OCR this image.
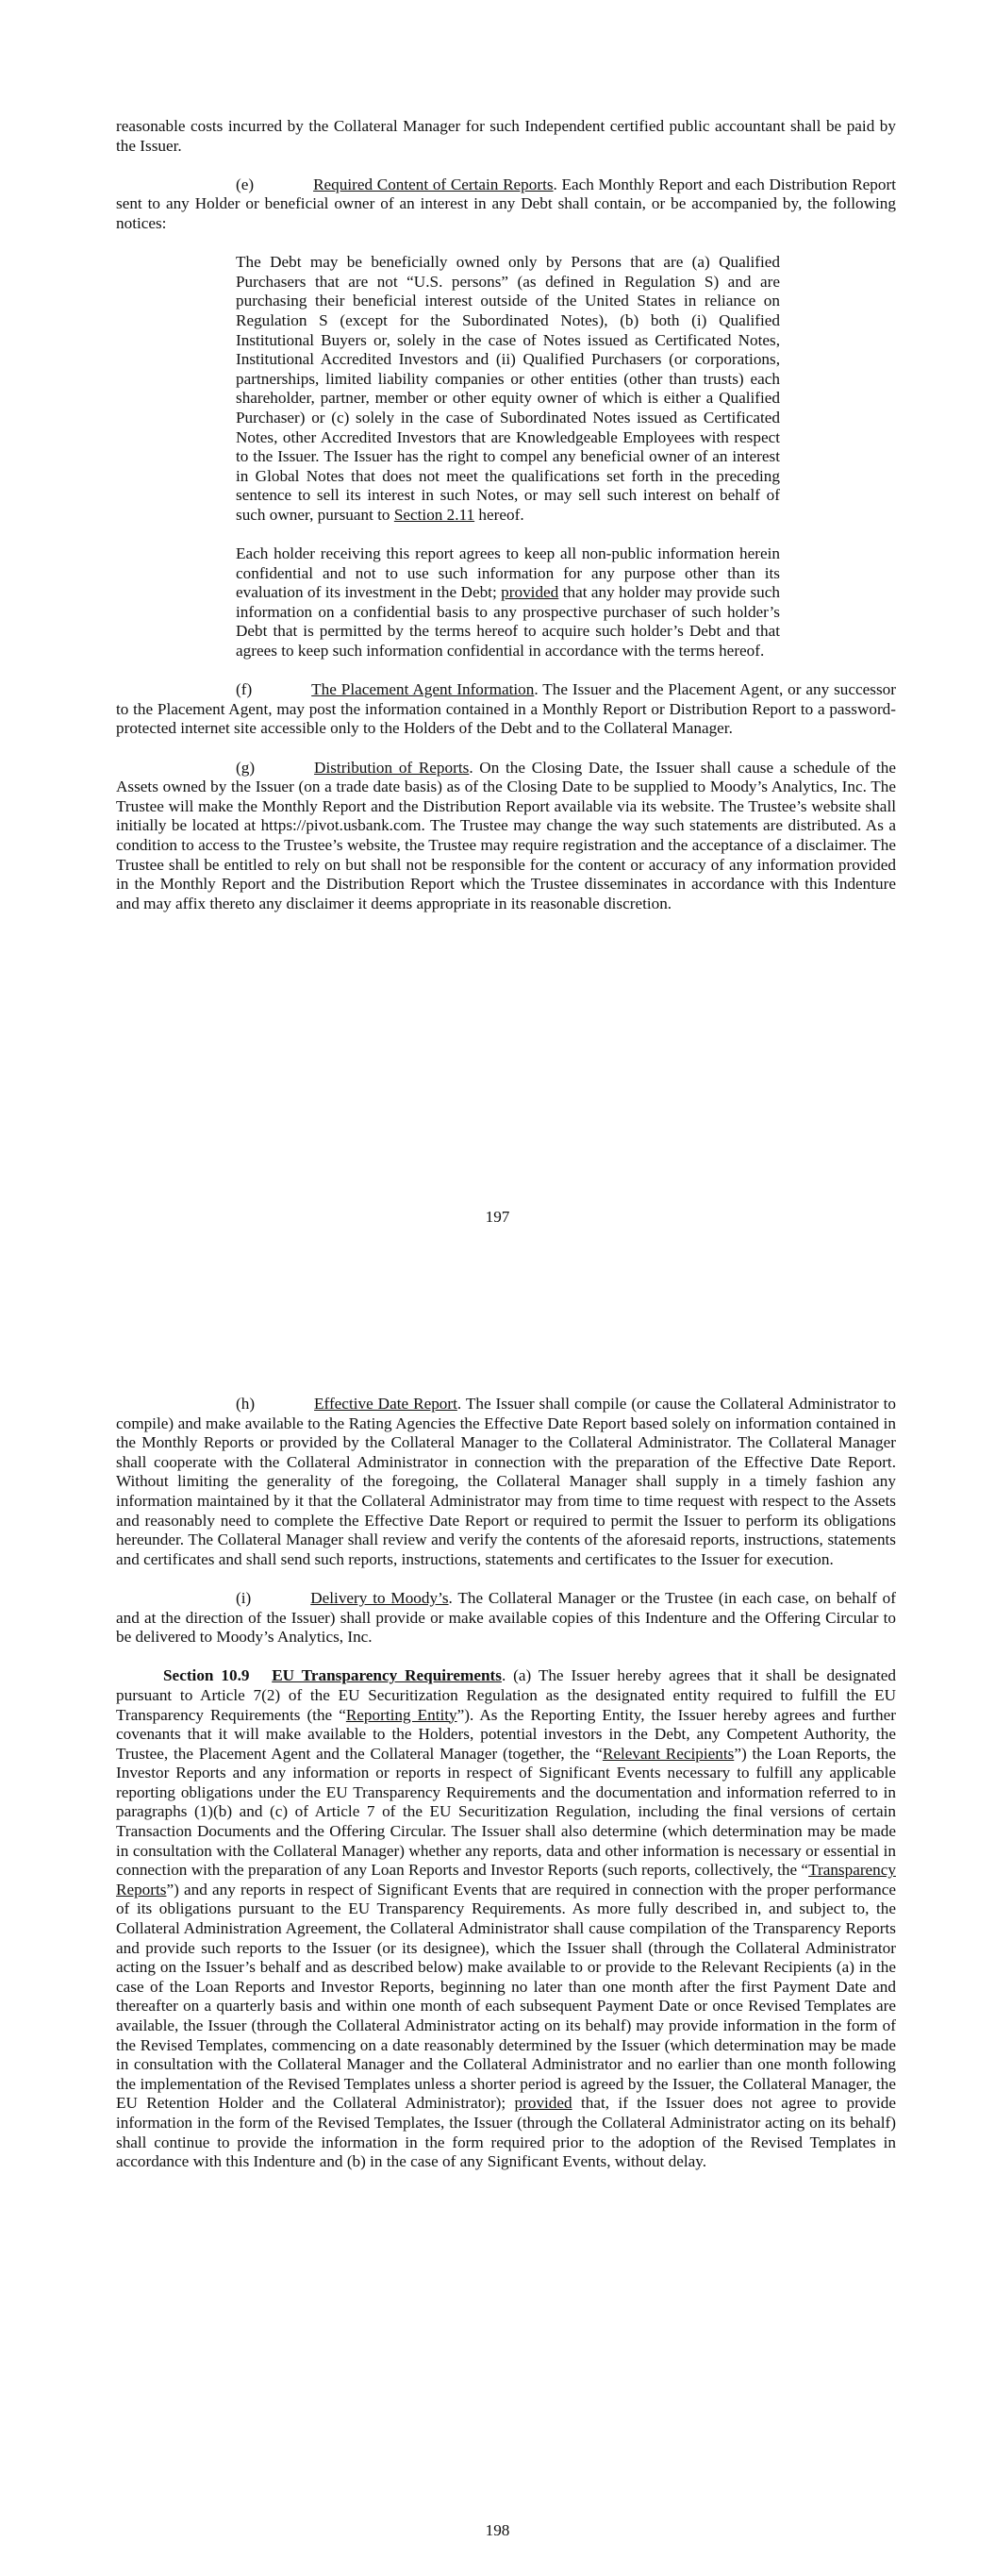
reasonable costs incurred by the Collateral Manager for such Independent certified public accountant shall be paid by the Issuer.

(e)	Required Content of Certain Reports. Each Monthly Report and each Distribution Report sent to any Holder or beneficial owner of an interest in any Debt shall contain, or be accompanied by, the following notices:

The Debt may be beneficially owned only by Persons that are (a) Qualified Purchasers that are not “U.S. persons” (as defined in Regulation S) and are purchasing their beneficial interest outside of the United States in reliance on Regulation S (except for the Subordinated Notes), (b) both (i) Qualified Institutional Buyers or, solely in the case of Notes issued as Certificated Notes, Institutional Accredited Investors and (ii) Qualified Purchasers (or corporations, partnerships, limited liability companies or other entities (other than trusts) each shareholder, partner, member or other equity owner of which is either a Qualified Purchaser) or (c) solely in the case of Subordinated Notes issued as Certificated Notes, other Accredited Investors that are Knowledgeable Employees with respect to the Issuer. The Issuer has the right to compel any beneficial owner of an interest in Global Notes that does not meet the qualifications set forth in the preceding sentence to sell its interest in such Notes, or may sell such interest on behalf of such owner, pursuant to Section 2.11 hereof.

Each holder receiving this report agrees to keep all non-public information herein confidential and not to use such information for any purpose other than its evaluation of its investment in the Debt; provided that any holder may provide such information on a confidential basis to any prospective purchaser of such holder’s Debt that is permitted by the terms hereof to acquire such holder’s Debt and that agrees to keep such information confidential in accordance with the terms hereof.

(f)	The Placement Agent Information. The Issuer and the Placement Agent, or any successor to the Placement Agent, may post the information contained in a Monthly Report or Distribution Report to a password-protected internet site accessible only to the Holders of the Debt and to the Collateral Manager.

(g)	Distribution of Reports. On the Closing Date, the Issuer shall cause a schedule of the Assets owned by the Issuer (on a trade date basis) as of the Closing Date to be supplied to Moody’s Analytics, Inc. The Trustee will make the Monthly Report and the Distribution Report available via its website. The Trustee’s website shall initially be located at https://pivot.usbank.com. The Trustee may change the way such statements are distributed. As a condition to access to the Trustee’s website, the Trustee may require registration and the acceptance of a disclaimer. The Trustee shall be entitled to rely on but shall not be responsible for the content or accuracy of any information provided in the Monthly Report and the Distribution Report which the Trustee disseminates in accordance with this Indenture and may affix thereto any disclaimer it deems appropriate in its reasonable discretion.

197

(h)	Effective Date Report. The Issuer shall compile (or cause the Collateral Administrator to compile) and make available to the Rating Agencies the Effective Date Report based solely on information contained in the Monthly Reports or provided by the Collateral Manager to the Collateral Administrator. The Collateral Manager shall cooperate with the Collateral Administrator in connection with the preparation of the Effective Date Report. Without limiting the generality of the foregoing, the Collateral Manager shall supply in a timely fashion any information maintained by it that the Collateral Administrator may from time to time request with respect to the Assets and reasonably need to complete the Effective Date Report or required to permit the Issuer to perform its obligations hereunder. The Collateral Manager shall review and verify the contents of the aforesaid reports, instructions, statements and certificates and shall send such reports, instructions, statements and certificates to the Issuer for execution.

(i)	Delivery to Moody’s. The Collateral Manager or the Trustee (in each case, on behalf of and at the direction of the Issuer) shall provide or make available copies of this Indenture and the Offering Circular to be delivered to Moody’s Analytics, Inc.

Section 10.9 EU Transparency Requirements. (a) The Issuer hereby agrees that it shall be designated pursuant to Article 7(2) of the EU Securitization Regulation as the designated entity required to fulfill the EU Transparency Requirements (the “Reporting Entity”). As the Reporting Entity, the Issuer hereby agrees and further covenants that it will make available to the Holders, potential investors in the Debt, any Competent Authority, the Trustee, the Placement Agent and the Collateral Manager (together, the “Relevant Recipients”) the Loan Reports, the Investor Reports and any information or reports in respect of Significant Events necessary to fulfill any applicable reporting obligations under the EU Transparency Requirements and the documentation and information referred to in paragraphs (1)(b) and (c) of Article 7 of the EU Securitization Regulation, including the final versions of certain Transaction Documents and the Offering Circular. The Issuer shall also determine (which determination may be made in consultation with the Collateral Manager) whether any reports, data and other information is necessary or essential in connection with the preparation of any Loan Reports and Investor Reports (such reports, collectively, the “Transparency Reports”) and any reports in respect of Significant Events that are required in connection with the proper performance of its obligations pursuant to the EU Transparency Requirements. As more fully described in, and subject to, the Collateral Administration Agreement, the Collateral Administrator shall cause compilation of the Transparency Reports and provide such reports to the Issuer (or its designee), which the Issuer shall (through the Collateral Administrator acting on the Issuer’s behalf and as described below) make available to or provide to the Relevant Recipients (a) in the case of the Loan Reports and Investor Reports, beginning no later than one month after the first Payment Date and thereafter on a quarterly basis and within one month of each subsequent Payment Date or once Revised Templates are available, the Issuer (through the Collateral Administrator acting on its behalf) may provide information in the form of the Revised Templates, commencing on a date reasonably determined by the Issuer (which determination may be made in consultation with the Collateral Manager and the Collateral Administrator and no earlier than one month following the implementation of the Revised Templates unless a shorter period is agreed by the Issuer, the Collateral Manager, the EU Retention Holder and the Collateral Administrator); provided that, if the Issuer does not agree to provide information in the form of the Revised Templates, the Issuer (through the Collateral Administrator acting on its behalf) shall continue to provide the information in the form required prior to the adoption of the Revised Templates in accordance with this Indenture and (b) in the case of any Significant Events, without delay.

198
